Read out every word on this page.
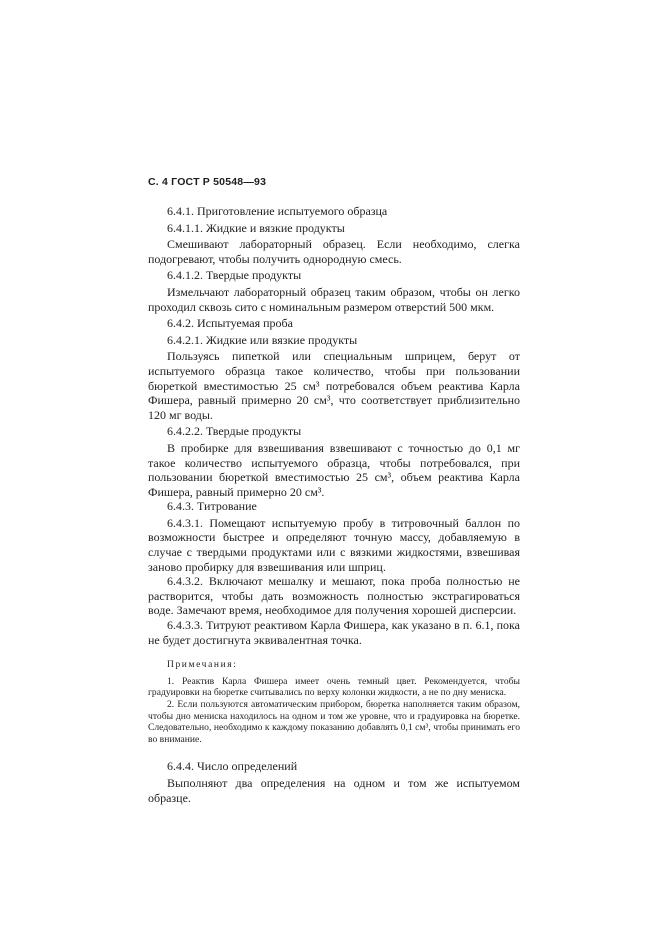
С. 4 ГОСТ Р 50548—93
6.4.1. Приготовление испытуемого образца
6.4.1.1. Жидкие и вязкие продукты

Смешивают лабораторный образец. Если необходимо, слегка подогревают, чтобы получить однородную смесь.

6.4.1.2. Твердые продукты

Измельчают лабораторный образец таким образом, чтобы он легко проходил сквозь сито с номинальным размером отверстий 500 мкм.

6.4.2. Испытуемая проба
6.4.2.1. Жидкие или вязкие продукты

Пользуясь пипеткой или специальным шприцем, берут от испытуемого образца такое количество, чтобы при пользовании бюреткой вместимостью 25 см³ потребовался объем реактива Карла Фишера, равный примерно 20 см³, что соответствует приблизительно 120 мг воды.

6.4.2.2. Твердые продукты

В пробирке для взвешивания взвешивают с точностью до 0,1 мг такое количество испытуемого образца, чтобы потребовался, при пользовании бюреткой вместимостью 25 см³, объем реактива Карла Фишера, равный примерно 20 см³.

6.4.3. Титрование

6.4.3.1. Помещают испытуемую пробу в титровочный баллон по возможности быстрее и определяют точную массу, добавляемую в случае с твердыми продуктами или с вязкими жидкостями, взвешивая заново пробирку для взвешивания или шприц.

6.4.3.2. Включают мешалку и мешают, пока проба полностью не растворится, чтобы дать возможность полностью экстрагироваться воде. Замечают время, необходимое для получения хорошей дисперсии.

6.4.3.3. Титруют реактивом Карла Фишера, как указано в п. 6.1, пока не будет достигнута эквивалентная точка.

Примечания:

1. Реактив Карла Фишера имеет очень темный цвет. Рекомендуется, чтобы градуировки на бюретке считывались по верху колонки жидкости, а не по дну мениска.

2. Если пользуются автоматическим прибором, бюретка наполняется таким образом, чтобы дно мениска находилось на одном и том же уровне, что и градуировка на бюретке. Следовательно, необходимо к каждому показанию добавлять 0,1 см³, чтобы принимать его во внимание.

6.4.4. Число определений

Выполняют два определения на одном и том же испытуемом образце.
